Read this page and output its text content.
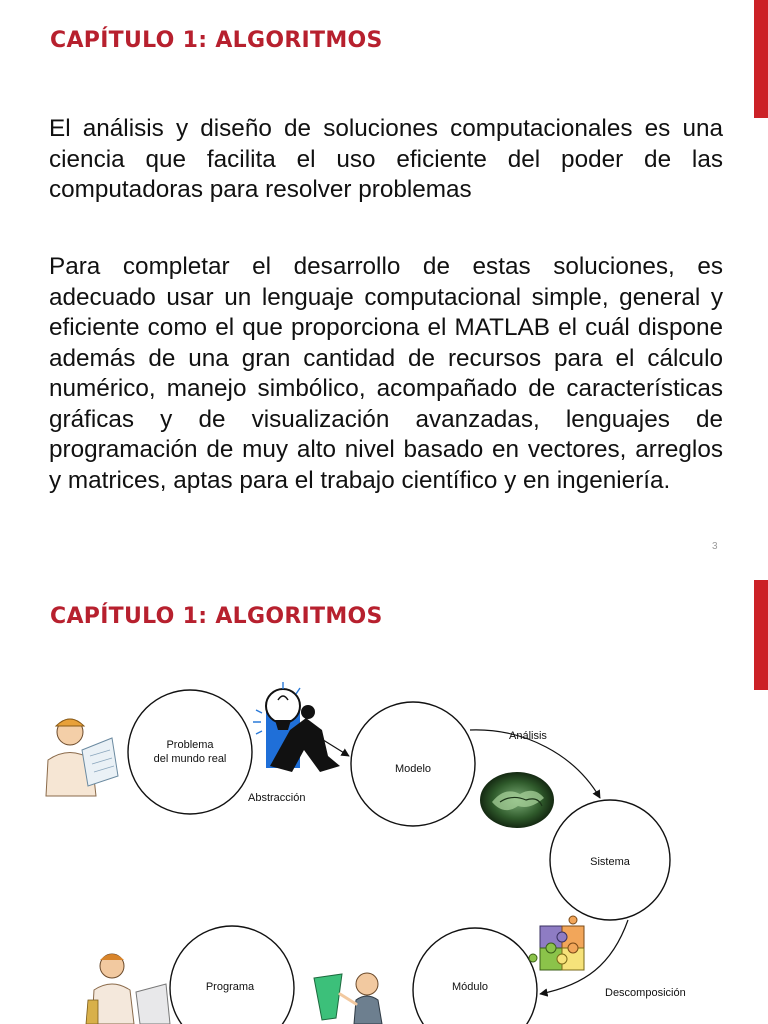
CAPÍTULO 1: ALGORITMOS

El análisis y diseño de soluciones computacionales es una ciencia que facilita el uso eficiente del poder de las computadoras para resolver problemas

Para completar el desarrollo de estas soluciones, es adecuado usar un lenguaje computacional simple, general y eficiente como el que proporciona el MATLAB el cuál dispone además de una gran cantidad de recursos para el cálculo numérico, manejo simbólico, acompañado de características gráficas y de visualización avanzadas, lenguajes de programación de muy alto nivel basado en vectores, arreglos y matrices, aptas para el trabajo científico y en ingeniería.

3
CAPÍTULO 1: ALGORITMOS
Problema
del mundo real
Modelo
Sistema
Módulo
Programa
Abstracción
Análisis
Descomposición
